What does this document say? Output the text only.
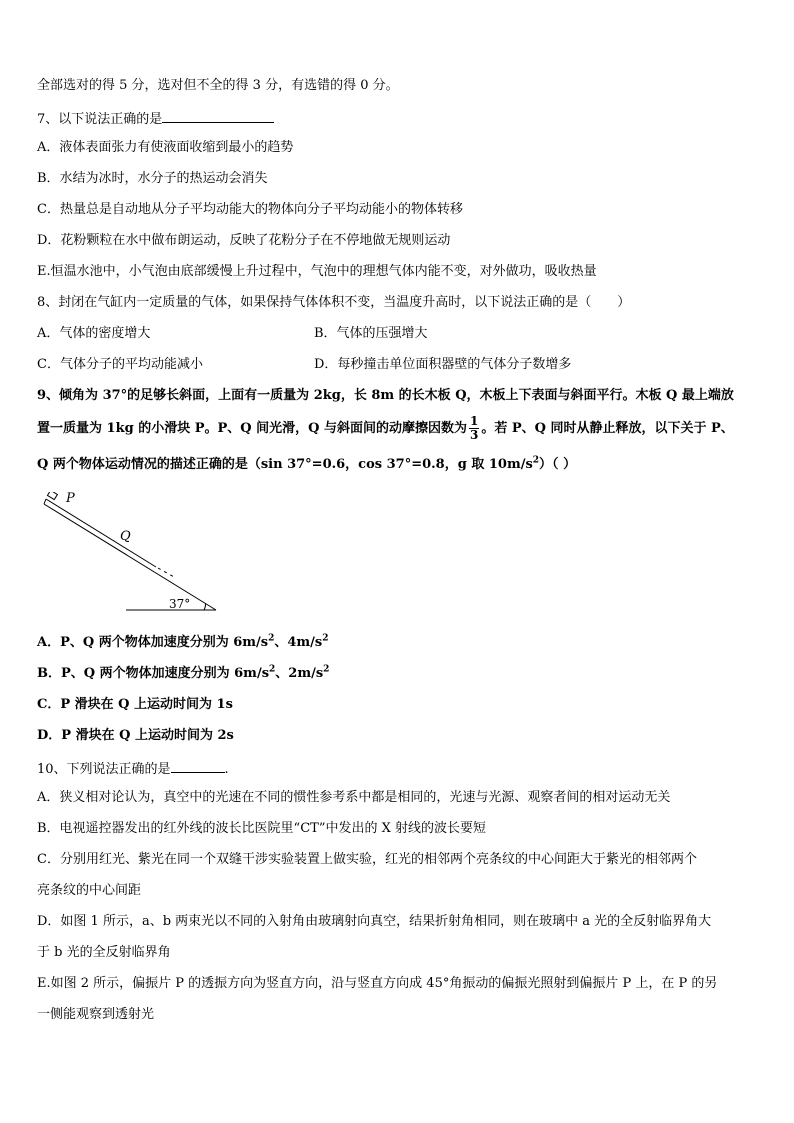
全部选对的得 5 分，选对但不全的得 3 分，有选错的得 0 分。
7、以下说法正确的是
A．液体表面张力有使液面收缩到最小的趋势
B．水结为冰时，水分子的热运动会消失
C．热量总是自动地从分子平均动能大的物体向分子平均动能小的物体转移
D．花粉颗粒在水中做布朗运动，反映了花粉分子在不停地做无规则运动
E.恒温水池中，小气泡由底部缓慢上升过程中，气泡中的理想气体内能不变，对外做功，吸收热量
8、封闭在气缸内一定质量的气体，如果保持气体体积不变，当温度升高时，以下说法正确的是（　　）
A．气体的密度增大	B．气体的压强增大
C．气体分子的平均动能减小	D．每秒撞击单位面积器壁的气体分子数增多
9、倾角为 37°的足够长斜面，上面有一质量为 2kg，长 8m 的长木板 Q，木板上下表面与斜面平行。木板 Q 最上端放
置一质量为 1kg 的小滑块 P。P、Q 间光滑，Q 与斜面间的动摩擦因数为 $\frac{1}{3}$ 。若 P、Q 同时从静止释放，以下关于 P、
Q 两个物体运动情况的描述正确的是（sin 37°=0.6，cos 37°=0.8，g 取 $10m/s^2$）（ ）
P
Q
37°
A．P、Q 两个物体加速度分别为 $6m/s^2$、$4m/s^2$
B．P、Q 两个物体加速度分别为 $6m/s^2$、$2m/s^2$
C．P 滑块在 Q 上运动时间为 1s
D．P 滑块在 Q 上运动时间为 2s
10、下列说法正确的是	.
A．狭义相对论认为，真空中的光速在不同的惯性参考系中都是相同的，光速与光源、观察者间的相对运动无关
B．电视遥控器发出的红外线的波长比医院里“CT”中发出的 X 射线的波长要短
C．分别用红光、紫光在同一个双缝干涉实验装置上做实验，红光的相邻两个亮条纹的中心间距大于紫光的相邻两个
亮条纹的中心间距
D．如图 1 所示，a、b 两束光以不同的入射角由玻璃射向真空，结果折射角相同，则在玻璃中 a 光的全反射临界角大
于 b 光的全反射临界角
E.如图 2 所示，偏振片 P 的透振方向为竖直方向，沿与竖直方向成 45°角振动的偏振光照射到偏振片 P 上，在 P 的另
一侧能观察到透射光
